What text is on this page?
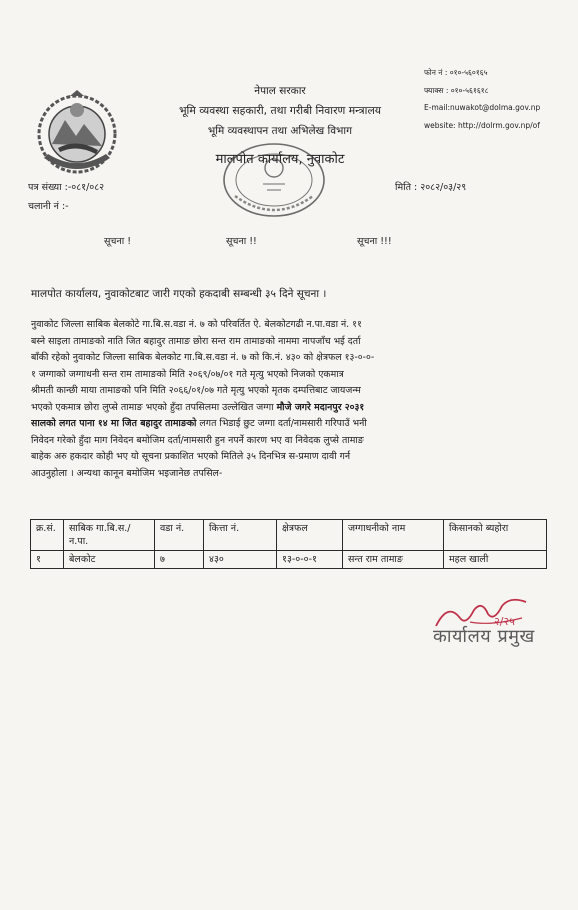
नेपाल सरकार
भूमि व्यवस्था सहकारी, तथा गरीबी निवारण मन्त्रालय
भूमि व्यवस्थापन तथा अभिलेख विभाग
मालपोत कार्यालय, नुवाकोट
फोन नं : ०१०-५६०१६५
फ्याक्स : ०१०-५६१६१८
E-mail:nuwakot@dolma.gov.np
website: http://dolrm.gov.np/of
पत्र संख्या :-०८१/०८२
चलानी नं :-
मिति : २०८२/०३/२९
सूचना !	सूचना !!	सूचना !!!
मालपोत कार्यालय, नुवाकोटबाट जारी गएको हकदाबी सम्बन्धी ३५ दिने सूचना ।
नुवाकोट जिल्ला साबिक बेलकोटे गा.बि.स.वडा नं. ७ को परिवर्तित ऐ. बेलकोटगढी न.पा.वडा नं. ११
बस्ने साइला तामाङको नाति जित बहादुर तामाङ छोरा सन्त राम तामाङको नाममा नापजाँच भई दर्ता
बाँकी रहेको नुवाकोट जिल्ला साबिक बेलकोट गा.बि.स.वडा नं. ७ को कि.नं. ४३० को क्षेत्रफल १३-०-०-
१ जग्गाको जग्गाधनी सन्त राम तामाङको मिति २०६९/०७/०१ गते मृत्यु भएको निजको एकमात्र
श्रीमती कान्छी माया तामाङको पनि मिति २०६६/०१/०७ गते मृत्यु भएको मृतक दम्पत्तिबाट जायजन्म
भएको एकमात्र छोरा लुप्से तामाङ भएको हुँदा तपसिलमा उल्लेखित जग्गा मौजे जगरे मदानपुर २०३१
सालको लगत पाना १४ मा जित बहादुर तामाङको लगत भिडाई छुट जग्गा दर्ता/नामसारी गरिपाउँ भनी
निवेदन गरेको हुँदा माग निवेदन बमोजिम दर्ता/नामसारी हुन नपर्ने कारण भए वा निवेदक लुप्से तामाङ
बाहेक अरु हकदार कोही भए यो सूचना प्रकाशित भएको मितिले ३५ दिनभित्र स-प्रमाण दावी गर्न
आउनुहोला । अन्यथा कानून बमोजिम भइजानेछ तपसिल-
क्र.सं.	साबिक गा.बि.स./न.पा.	वडा नं.	कित्ता नं.	क्षेत्रफल	जग्गाधनीको नाम	किसानको ब्यहोरा
१	बेलकोट	७	४३०	१३-०-०-१	सन्त राम तामाङ	महल खाली
२/२५
कार्यालय प्रमुख
